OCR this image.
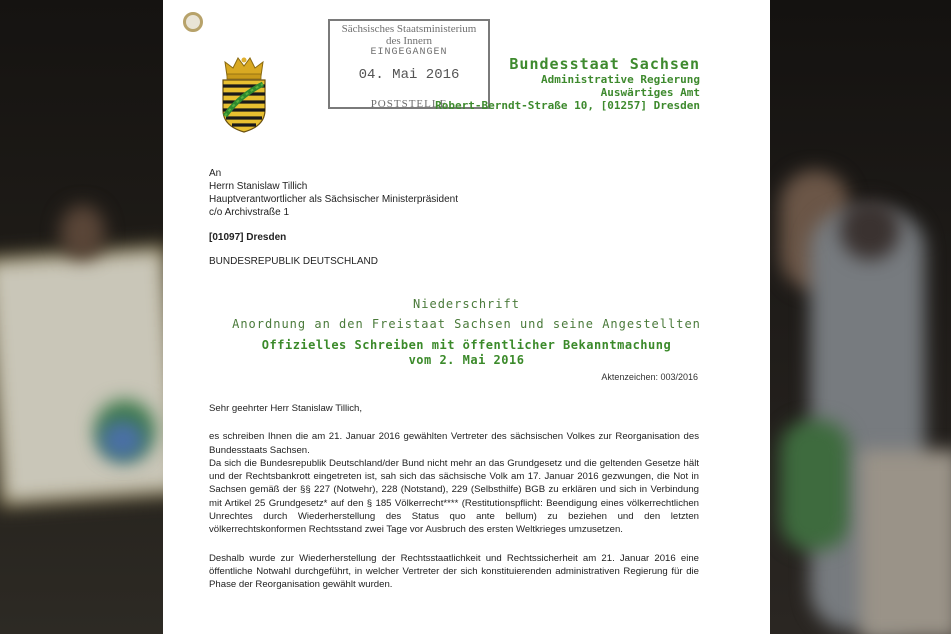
Sächsisches Staatsministerium
des Innern
EINGEGANGEN
04. Mai 2016
POSTSTELLE
Bundesstaat Sachsen
Administrative Regierung
Auswärtiges Amt
Robert-Berndt-Straße 10, [01257] Dresden
An
Herrn Stanislaw Tillich
Hauptverantwortlicher als Sächsischer Ministerpräsident
c/o Archivstraße 1
[01097] Dresden
BUNDESREPUBLIK DEUTSCHLAND
Niederschrift
Anordnung an den Freistaat Sachsen und seine Angestellten
Offizielles Schreiben mit öffentlicher Bekanntmachung
vom 2. Mai 2016
Aktenzeichen: 003/2016

Sehr geehrter Herr Stanislaw Tillich,

es schreiben Ihnen die am 21. Januar 2016 gewählten Vertreter des sächsischen Volkes zur Reorganisation des Bundesstaats Sachsen.

Da sich die Bundesrepublik Deutschland/der Bund nicht mehr an das Grundgesetz und die geltenden Gesetze hält und der Rechtsbankrott eingetreten ist, sah sich das sächsische Volk am 17. Januar 2016 gezwungen, die Not in Sachsen gemäß der §§ 227 (Notwehr), 228 (Notstand), 229 (Selbsthilfe) BGB zu erklären und sich in Verbindung mit Artikel 25 Grundgesetz* auf den § 185 Völkerrecht**** (Restitutionspflicht: Beendigung eines völkerrechtlichen Unrechtes durch Wiederherstellung des Status quo ante bellum) zu beziehen und den letzten völkerrechtskonformen Rechtsstand zwei Tage vor Ausbruch des ersten Weltkrieges umzusetzen.

Deshalb wurde zur Wiederherstellung der Rechtsstaatlichkeit und Rechtssicherheit am 21. Januar 2016 eine öffentliche Notwahl durchgeführt, in welcher Vertreter der sich konstituierenden administrativen Regierung für die Phase der Reorganisation gewählt wurden.
